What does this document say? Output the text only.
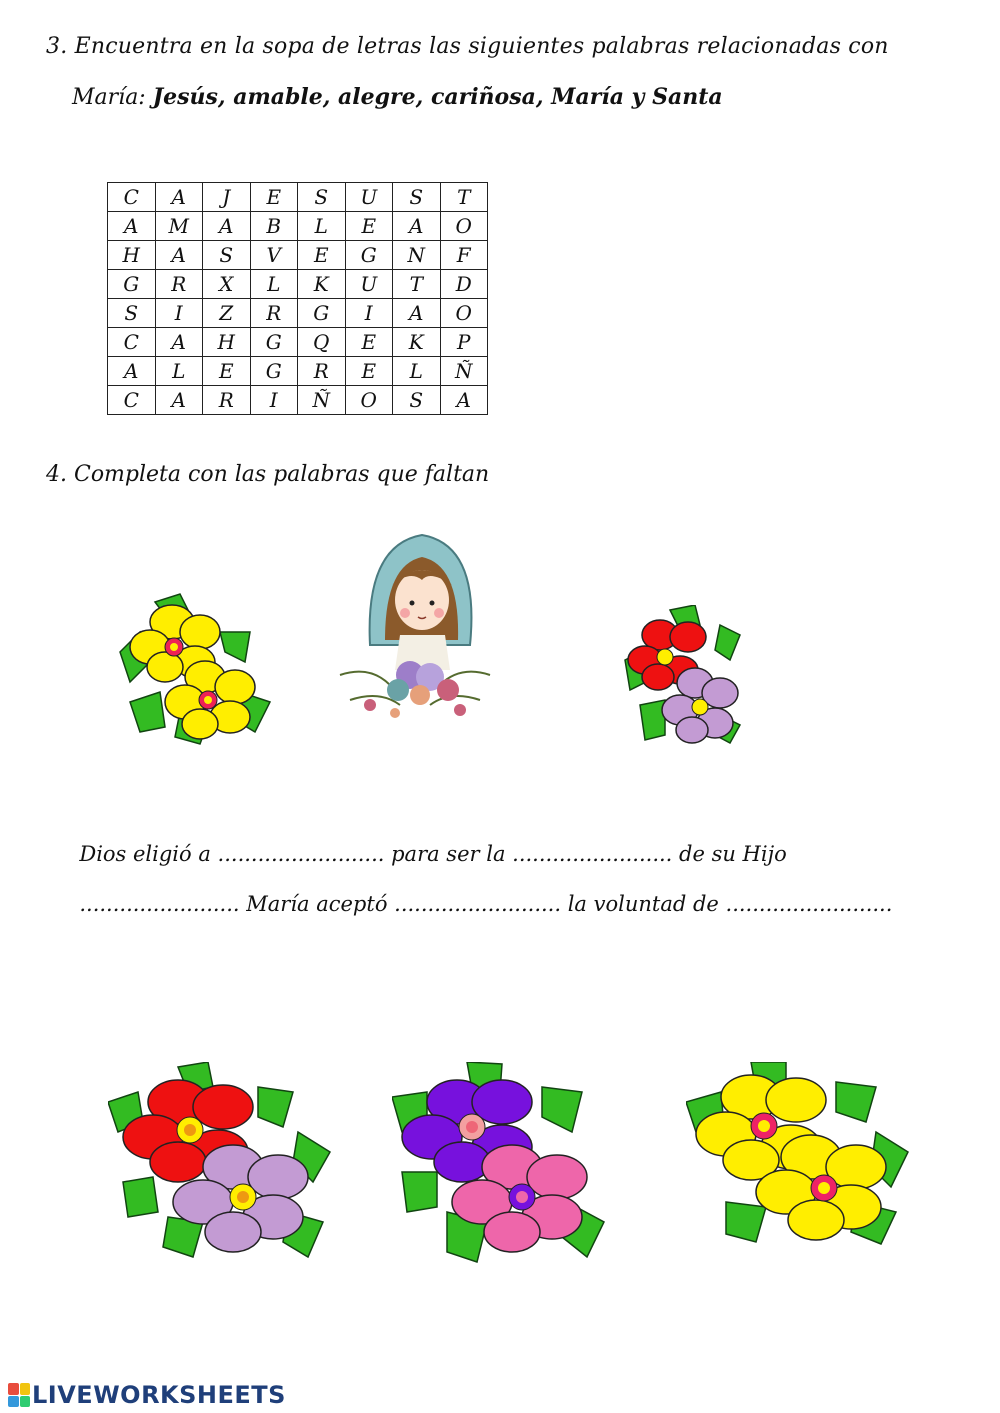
3. Encuentra en la sopa de letras las siguientes palabras relacionadas con
María: Jesús, amable, alegre, cariñosa, María y Santa
C	A	J	E	S	U	S	T
A	M	A	B	L	E	A	O
H	A	S	V	E	G	N	F
G	R	X	L	K	U	T	D
S	I	Z	R	G	I	A	O
C	A	H	G	Q	E	K	P
A	L	E	G	R	E	L	Ñ
C	A	R	I	Ñ	O	S	A
4. Completa con las palabras que faltan

Dios eligió a ......................... para ser la ........................ de su Hijo

........................ María aceptó ......................... la voluntad de .........................

LIVEWORKSHEETS
